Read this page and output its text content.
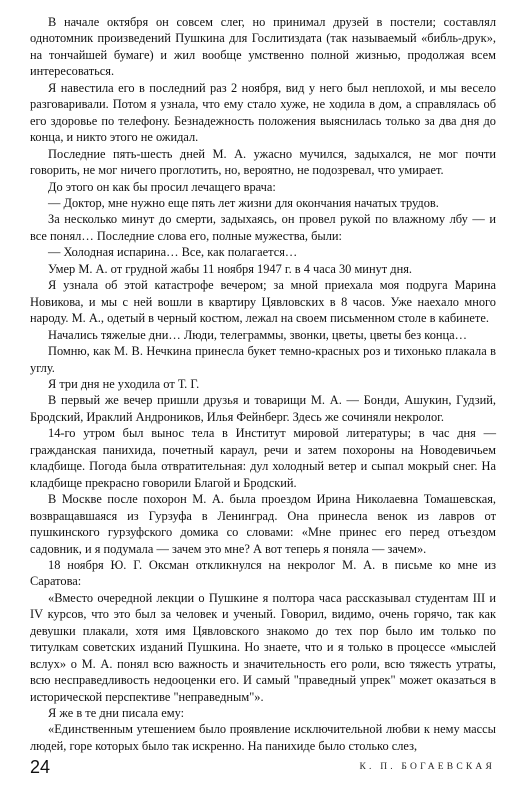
В начале октября он совсем слег, но принимал друзей в постели; составлял однотомник произведений Пушкина для Гослитиздата (так называемый «библь-друк», на тончайшей бумаге) и жил вообще умственно полной жизнью, продолжая всем интересоваться.

Я навестила его в последний раз 2 ноября, вид у него был неплохой, и мы весело разговаривали. Потом я узнала, что ему стало хуже, не ходила в дом, а справлялась об его здоровье по телефону. Безнадежность положения выяснилась только за два дня до конца, и никто этого не ожидал.

Последние пять-шесть дней М. А. ужасно мучился, задыхался, не мог почти говорить, не мог ничего проглотить, но, вероятно, не подозревал, что умирает.

До этого он как бы просил лечащего врача:

— Доктор, мне нужно еще пять лет жизни для окончания начатых трудов.

За несколько минут до смерти, задыхаясь, он провел рукой по влажному лбу — и все понял… Последние слова его, полные мужества, были:

— Холодная испарина… Все, как полагается…

Умер М. А. от грудной жабы 11 ноября 1947 г. в 4 часа 30 минут дня.

Я узнала об этой катастрофе вечером; за мной приехала моя подруга Марина Новикова, и мы с ней вошли в квартиру Цявловских в 8 часов. Уже наехало много народу. М. А., одетый в черный костюм, лежал на своем письменном столе в кабинете.

Начались тяжелые дни… Люди, телеграммы, звонки, цветы, цветы без конца…

Помню, как М. В. Нечкина принесла букет темно-красных роз и тихонько плакала в углу.

Я три дня не уходила от Т. Г.

В первый же вечер пришли друзья и товарищи М. А. — Бонди, Ашукин, Гудзий, Бродский, Ираклий Андроников, Илья Фейнберг. Здесь же сочиняли некролог.

14-го утром был вынос тела в Институт мировой литературы; в час дня — гражданская панихида, почетный караул, речи и затем похороны на Новодевичьем кладбище. Погода была отвратительная: дул холодный ветер и сыпал мокрый снег. На кладбище прекрасно говорили Благой и Бродский.

В Москве после похорон М. А. была проездом Ирина Николаевна Томашевская, возвращавшаяся из Гурзуфа в Ленинград. Она принесла венок из лавров от пушкинского гурзуфского домика со словами: «Мне принес его перед отъездом садовник, и я подумала — зачем это мне? А вот теперь я поняла — зачем».

18 ноября Ю. Г. Оксман откликнулся на некролог М. А. в письме ко мне из Саратова:

«Вместо очередной лекции о Пушкине я полтора часа рассказывал студентам III и IV курсов, что это был за человек и ученый. Говорил, видимо, очень горячо, так как девушки плакали, хотя имя Цявловского знакомо до тех пор было им только по титулкам советских изданий Пушкина. Но знаете, что и я только в процессе «мыслей вслух» о М. А. понял всю важность и значительность его роли, всю тяжесть утраты, всю несправедливость недооценки его. И самый "праведный упрек" может оказаться в исторической перспективе "неправедным"».

Я же в те дни писала ему:

«Единственным утешением было проявление исключительной любви к нему массы людей, горе которых было так искренно. На панихиде было столько слез,

24	К. П. БОГАЕВСКАЯ
